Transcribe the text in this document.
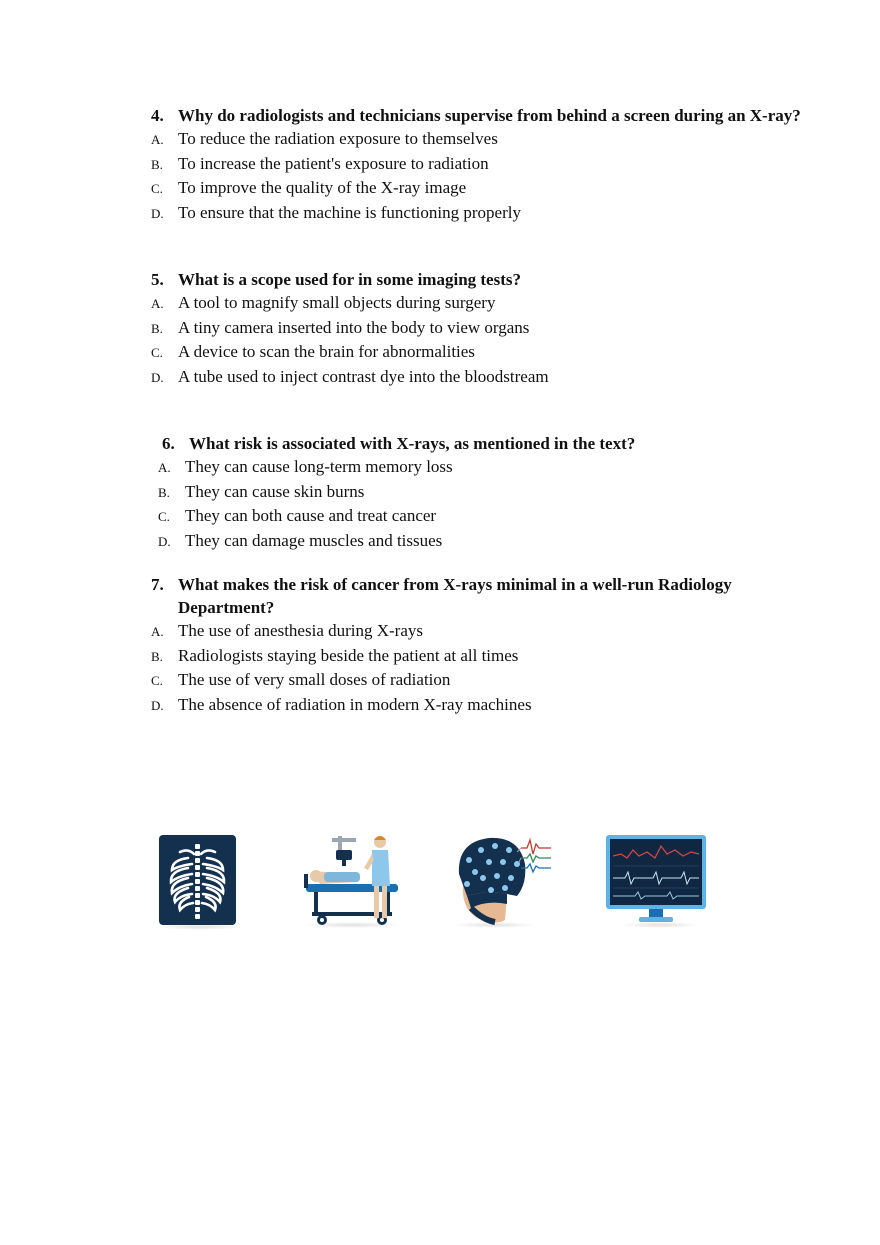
4. Why do radiologists and technicians supervise from behind a screen during an X-ray?
A. To reduce the radiation exposure to themselves
B. To increase the patient's exposure to radiation
C. To improve the quality of the X-ray image
D. To ensure that the machine is functioning properly
5. What is a scope used for in some imaging tests?
A. A tool to magnify small objects during surgery
B. A tiny camera inserted into the body to view organs
C. A device to scan the brain for abnormalities
D. A tube used to inject contrast dye into the bloodstream
6. What risk is associated with X-rays, as mentioned in the text?
A. They can cause long-term memory loss
B. They can cause skin burns
C. They can both cause and treat cancer
D. They can damage muscles and tissues
7. What makes the risk of cancer from X-rays minimal in a well-run Radiology Department?
A. The use of anesthesia during X-rays
B. Radiologists staying beside the patient at all times
C. The use of very small doses of radiation
D. The absence of radiation in modern X-ray machines
